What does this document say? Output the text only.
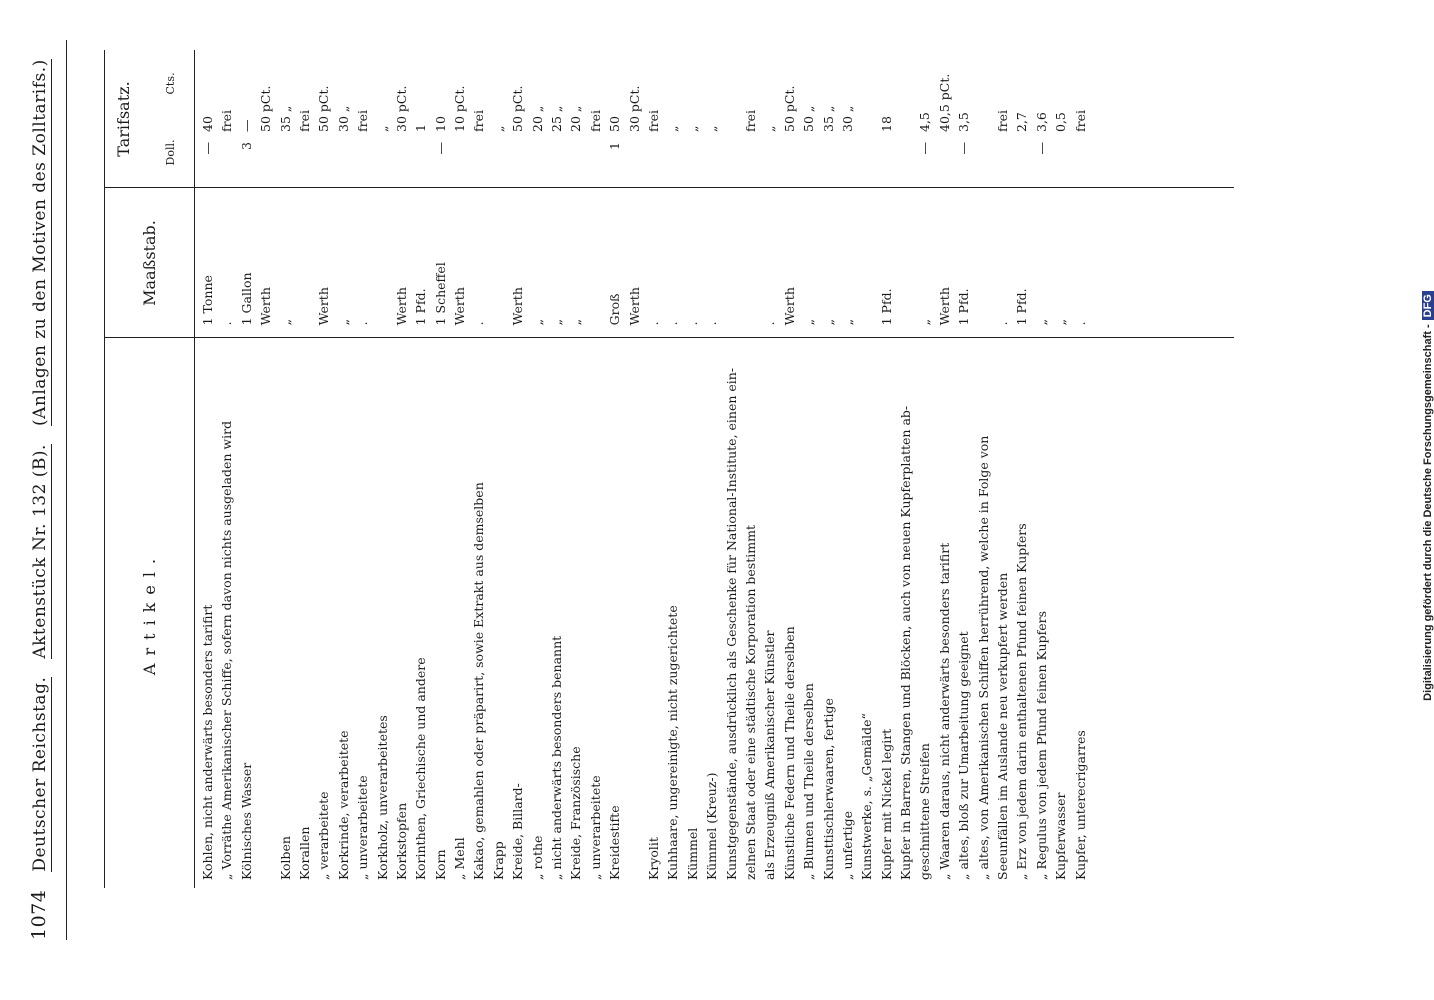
1074
Deutscher Reichstag.
Aktenstück Nr. 132 (B).
(Anlagen zu den Motiven des Zolltarifs.)
Artikel.
Maaßstab.
Tarifsatz.	Doll.
Cts.
Kohlen, nicht anderwärts besonders tarifirt
1 Tonne
—
40
„ Vorräthe Amerikanischer Schiffe, sofern davon nichts ausgeladen wird
.
frei
Kölnisches Wasser
1 Gallon
3
—
Werth
50 pCt.
Kolben
„
35 „
Korallen
frei
„ verarbeitete
Werth
50 pCt.
Korkrinde, verarbeitete
„
30 „
„ unverarbeitete
.
frei
Korkholz, unverarbeitetes
„
Korkstopfen
Werth
30 pCt.
Korinthen, Griechische und andere
1 Pfd.
1
Korn
1 Scheffel
—
10
„ Mehl
Werth
10 pCt.
Kakao, gemahlen oder präparirt, sowie Extrakt aus demselben
.
frei
Krapp
„
Kreide, Billard-
Werth
50 pCt.
„ rothe
„
20 „
„ nicht anderwärts besonders benannt
„
25 „
Kreide, Französische
„
20 „
„ unverarbeitete
frei
Kreidestifte
Groß
1
50
Werth
30 pCt.
Kryolit
.
frei
Kuhhaare, ungereinigte, nicht zugerichtete
.
„
Kümmel
.
„
Kümmel (Kreuz-)
.
„
Kunstgegenstände, ausdrücklich als Geschenke für National-Institute, einen ein- zelnen Staat oder eine städtische Korporation bestimmt
frei
als Erzeugniß Amerikanischer Künstler
.
„
Künstliche Federn und Theile derselben
Werth
50 pCt.
„ Blumen und Theile derselben
„
50 „
Kunsttischlerwaaren, fertige
„
35 „
„ unfertige
„
30 „
Kunstwerke, s. „Gemälde“ Kupfer mit Nickel legirt
1 Pfd.
18
Kupfer in Barren, Stangen und Blöcken, auch von neuen Kupferplatten ab- geschnittene Streifen
„
—
4,5
„ Waaren daraus, nicht anderwärts besonders tarifirt
Werth
40,5 pCt.
„ altes, bloß zur Umarbeitung geeignet
1 Pfd.
—
3,5
„ altes, von Amerikanischen Schiffen herrührend, welche in Folge von Seeunfällen im Auslande neu verkupfert werden
.
frei
„ Erz von jedem darin enthaltenen Pfund feinen Kupfers
1 Pfd.
2,7
„ Regulus von jedem Pfund feinen Kupfers
„
—
3,6
Kupferwasser
„
0,5
Kupfer, unterecrigarres
.
frei
Digitalisierung gefördert durch die Deutsche Forschungsgemeinschaft -DFG
